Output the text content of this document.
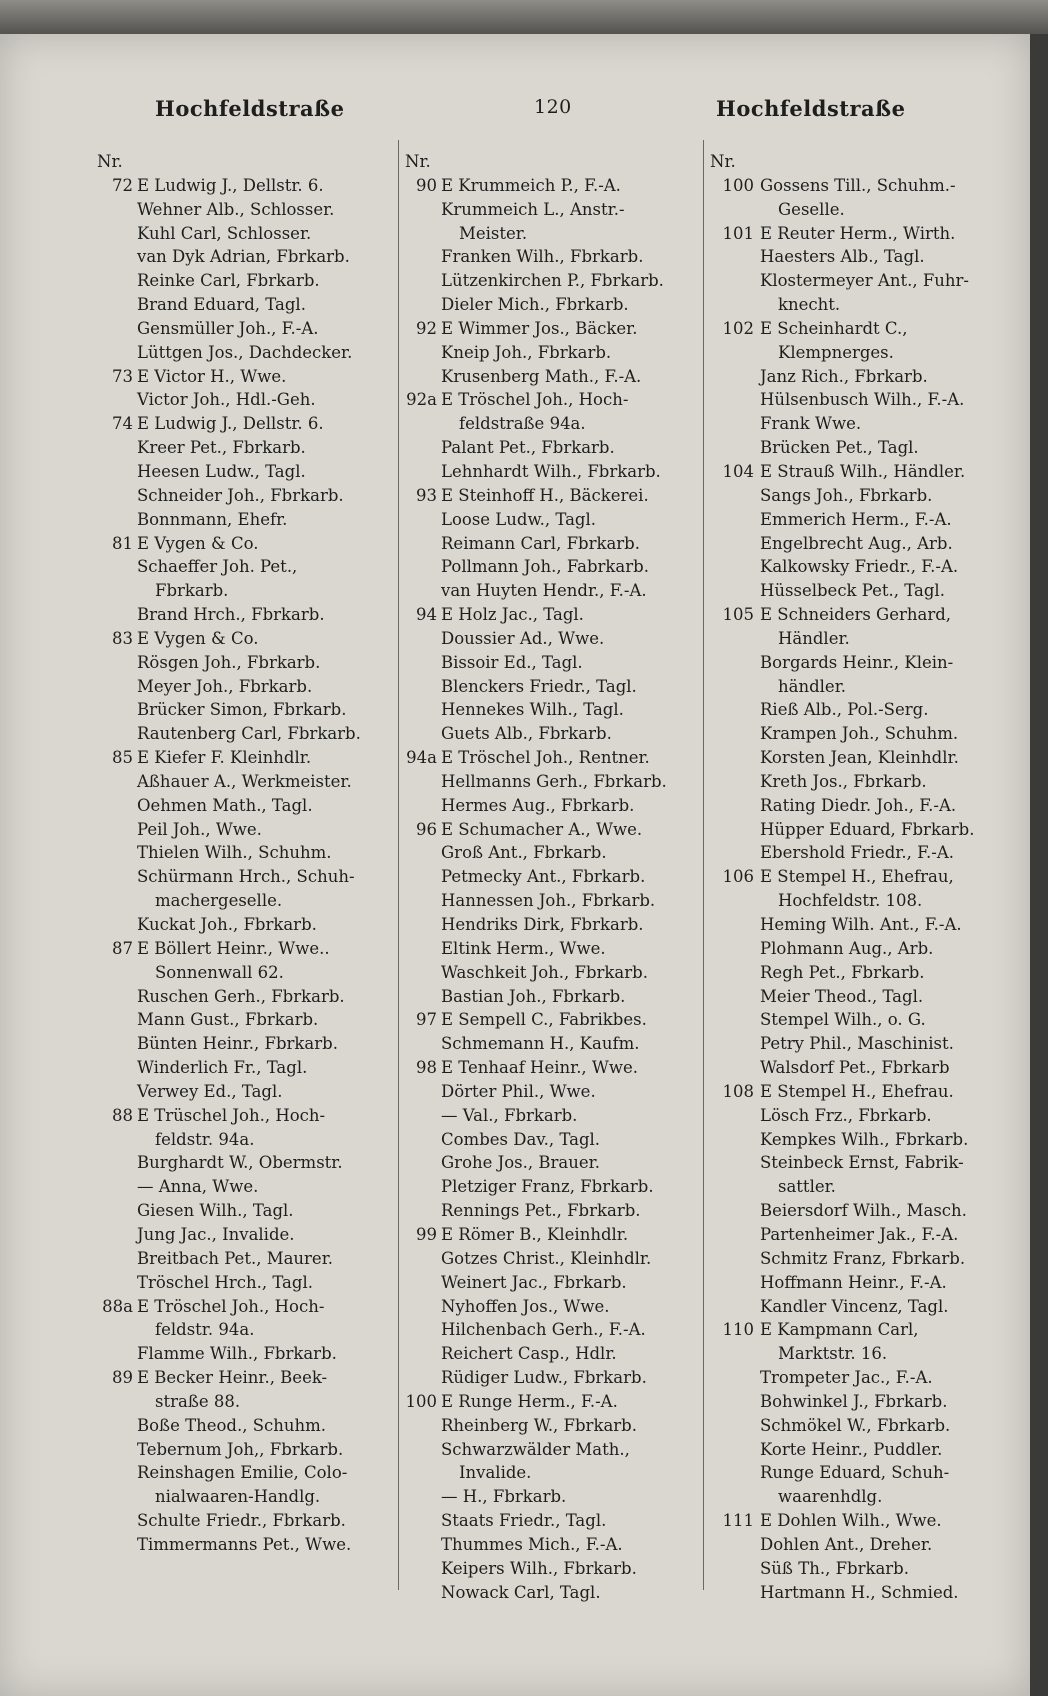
Hochfeldstraße	120	Hochfeldstraße
Nr.
72 E Ludwig J., Dellstr. 6.
Wehner Alb., Schlosser.
Kuhl Carl, Schlosser.
van Dyk Adrian, Fbrkarb.
Reinke Carl, Fbrkarb.
Brand Eduard, Tagl.
Gensmüller Joh., F.-A.
Lüttgen Jos., Dachdecker.
73 E Victor H., Wwe.
Victor Joh., Hdl.-Geh.
74 E Ludwig J., Dellstr. 6.
Kreer Pet., Fbrkarb.
Heesen Ludw., Tagl.
Schneider Joh., Fbrkarb.
Bonnmann, Ehefr.
81 E Vygen & Co.
Schaeffer Joh. Pet.,
Fbrkarb.
Brand Hrch., Fbrkarb.
83 E Vygen & Co.
Rösgen Joh., Fbrkarb.
Meyer Joh., Fbrkarb.
Brücker Simon, Fbrkarb.
Rautenberg Carl, Fbrkarb.
85 E Kiefer F. Kleinhdlr.
Aßhauer A., Werkmeister.
Oehmen Math., Tagl.
Peil Joh., Wwe.
Thielen Wilh., Schuhm.
Schürmann Hrch., Schuh-
machergeselle.
Kuckat Joh., Fbrkarb.
87 E Böllert Heinr., Wwe..
Sonnenwall 62.
Ruschen Gerh., Fbrkarb.
Mann Gust., Fbrkarb.
Bünten Heinr., Fbrkarb.
Winderlich Fr., Tagl.
Verwey Ed., Tagl.
88 E Trüschel Joh., Hoch-
feldstr. 94a.
Burghardt W., Obermstr.
— Anna, Wwe.
Giesen Wilh., Tagl.
Jung Jac., Invalide.
Breitbach Pet., Maurer.
Tröschel Hrch., Tagl.
88a E Tröschel Joh., Hoch-
feldstr. 94a.
Flamme Wilh., Fbrkarb.
89 E Becker Heinr., Beek-
straße 88.
Boße Theod., Schuhm.
Tebernum Joh,, Fbrkarb.
Reinshagen Emilie, Colo-
nialwaaren-Handlg.
Schulte Friedr., Fbrkarb.
Timmermanns Pet., Wwe.
Nr.
90 E Krummeich P., F.-A.
Krummeich L., Anstr.-
Meister.
Franken Wilh., Fbrkarb.
Lützenkirchen P., Fbrkarb.
Dieler Mich., Fbrkarb.
92 E Wimmer Jos., Bäcker.
Kneip Joh., Fbrkarb.
Krusenberg Math., F.-A.
92a E Tröschel Joh., Hoch-
feldstraße 94a.
Palant Pet., Fbrkarb.
Lehnhardt Wilh., Fbrkarb.
93 E Steinhoff H., Bäckerei.
Loose Ludw., Tagl.
Reimann Carl, Fbrkarb.
Pollmann Joh., Fabrkarb.
van Huyten Hendr., F.-A.
94 E Holz Jac., Tagl.
Doussier Ad., Wwe.
Bissoir Ed., Tagl.
Blenckers Friedr., Tagl.
Hennekes Wilh., Tagl.
Guets Alb., Fbrkarb.
94a E Tröschel Joh., Rentner.
Hellmanns Gerh., Fbrkarb.
Hermes Aug., Fbrkarb.
96 E Schumacher A., Wwe.
Groß Ant., Fbrkarb.
Petmecky Ant., Fbrkarb.
Hannessen Joh., Fbrkarb.
Hendriks Dirk, Fbrkarb.
Eltink Herm., Wwe.
Waschkeit Joh., Fbrkarb.
Bastian Joh., Fbrkarb.
97 E Sempell C., Fabrikbes.
Schmemann H., Kaufm.
98 E Tenhaaf Heinr., Wwe.
Dörter Phil., Wwe.
— Val., Fbrkarb.
Combes Dav., Tagl.
Grohe Jos., Brauer.
Pletziger Franz, Fbrkarb.
Rennings Pet., Fbrkarb.
99 E Römer B., Kleinhdlr.
Gotzes Christ., Kleinhdlr.
Weinert Jac., Fbrkarb.
Nyhoffen Jos., Wwe.
Hilchenbach Gerh., F.-A.
Reichert Casp., Hdlr.
Rüdiger Ludw., Fbrkarb.
100 E Runge Herm., F.-A.
Rheinberg W., Fbrkarb.
Schwarzwälder Math.,
Invalide.
— H., Fbrkarb.
Staats Friedr., Tagl.
Thummes Mich., F.-A.
Keipers Wilh., Fbrkarb.
Nowack Carl, Tagl.
Nr.
100 Gossens Till., Schuhm.-
Geselle.
101 E Reuter Herm., Wirth.
Haesters Alb., Tagl.
Klostermeyer Ant., Fuhr-
knecht.
102 E Scheinhardt C.,
Klempnerges.
Janz Rich., Fbrkarb.
Hülsenbusch Wilh., F.-A.
Frank Wwe.
Brücken Pet., Tagl.
104 E Strauß Wilh., Händler.
Sangs Joh., Fbrkarb.
Emmerich Herm., F.-A.
Engelbrecht Aug., Arb.
Kalkowsky Friedr., F.-A.
Hüsselbeck Pet., Tagl.
105 E Schneiders Gerhard,
Händler.
Borgards Heinr., Klein-
händler.
Rieß Alb., Pol.-Serg.
Krampen Joh., Schuhm.
Korsten Jean, Kleinhdlr.
Kreth Jos., Fbrkarb.
Rating Diedr. Joh., F.-A.
Hüpper Eduard, Fbrkarb.
Ebershold Friedr., F.-A.
106 E Stempel H., Ehefrau,
Hochfeldstr. 108.
Heming Wilh. Ant., F.-A.
Plohmann Aug., Arb.
Regh Pet., Fbrkarb.
Meier Theod., Tagl.
Stempel Wilh., o. G.
Petry Phil., Maschinist.
Walsdorf Pet., Fbrkarb
108 E Stempel H., Ehefrau.
Lösch Frz., Fbrkarb.
Kempkes Wilh., Fbrkarb.
Steinbeck Ernst, Fabrik-
sattler.
Beiersdorf Wilh., Masch.
Partenheimer Jak., F.-A.
Schmitz Franz, Fbrkarb.
Hoffmann Heinr., F.-A.
Kandler Vincenz, Tagl.
110 E Kampmann Carl,
Marktstr. 16.
Trompeter Jac., F.-A.
Bohwinkel J., Fbrkarb.
Schmökel W., Fbrkarb.
Korte Heinr., Puddler.
Runge Eduard, Schuh-
waarenhdlg.
111 E Dohlen Wilh., Wwe.
Dohlen Ant., Dreher.
Süß Th., Fbrkarb.
Hartmann H., Schmied.
